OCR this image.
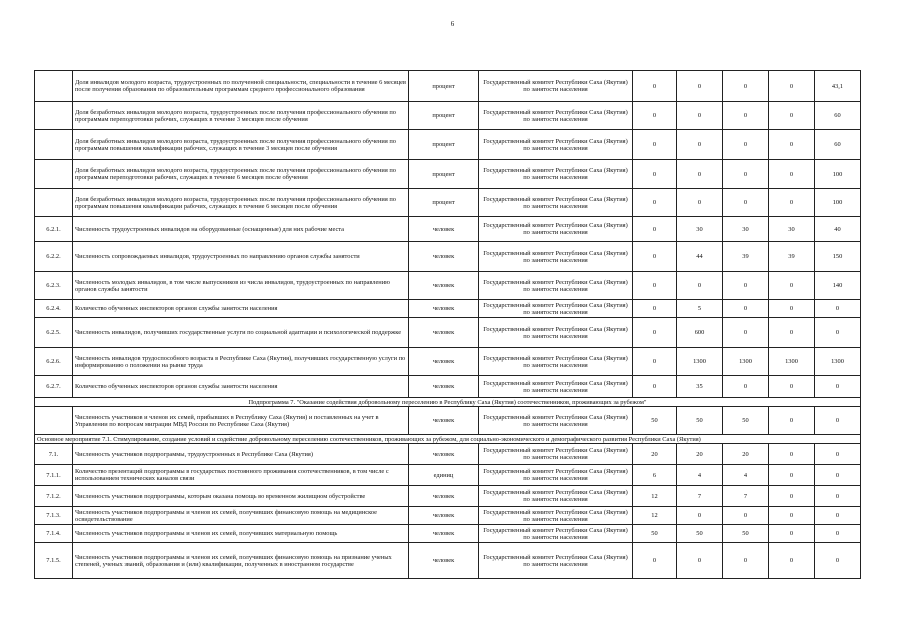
6
	Доля инвалидов молодого возраста, трудоустроенных по полученной специальности, специальности в течение 6 месяцев после получения образования по образовательным программам среднего профессионального образования	процент	Государственный комитет Республики Саха (Якутия) по занятости населения	0	0	0	0	43,1
	Доля безработных инвалидов молодого возраста, трудоустроенных после получения профессионального обучения по программам переподготовки рабочих, служащих в течение 3 месяцев после обучения	процент	Государственный комитет Республики Саха (Якутия) по занятости населения	0	0	0	0	60
	Доля безработных инвалидов молодого возраста, трудоустроенных после получения профессионального обучения по программам повышения квалификации рабочих, служащих в течение 3 месяцев после обучения	процент	Государственный комитет Республики Саха (Якутия) по занятости населения	0	0	0	0	60
	Доля безработных инвалидов молодого возраста, трудоустроенных после получения профессионального обучения по программам переподготовки рабочих, служащих в течение 6 месяцев после обучения	процент	Государственный комитет Республики Саха (Якутия) по занятости населения	0	0	0	0	100
	Доля безработных инвалидов молодого возраста, трудоустроенных после получения профессионального обучения по программам повышения квалификации рабочих, служащих в течение 6 месяцев после обучения	процент	Государственный комитет Республики Саха (Якутия) по занятости населения	0	0	0	0	100
6.2.1.	Численность трудоустроенных инвалидов на оборудованные (оснащенные) для них рабочие места	человек	Государственный комитет Республики Саха (Якутия) по занятости населения	0	30	30	30	40
6.2.2.	Численность сопровождаемых инвалидов, трудоустроенных по направлению органов службы занятости	человек	Государственный комитет Республики Саха (Якутия) по занятости населения	0	44	39	39	150
6.2.3.	Численность молодых инвалидов, в том числе выпускников из числа инвалидов, трудоустроенных по направлению органов службы занятости	человек	Государственный комитет Республики Саха (Якутия) по занятости населения	0	0	0	0	140
6.2.4.	Количество обученных инспекторов органов службы занятости населения	человек	Государственный комитет Республики Саха (Якутия) по занятости населения	0	5	0	0	0
6.2.5.	Численность инвалидов, получивших государственные услуги по социальной адаптации и психологической поддержке	человек	Государственный комитет Республики Саха (Якутия) по занятости населения	0	600	0	0	0
6.2.6.	Численность инвалидов трудоспособного возраста в Республике Саха (Якутия), получивших государственную услуги по информированию о положении на рынке труда	человек	Государственный комитет Республики Саха (Якутия) по занятости населения	0	1300	1300	1300	1300
6.2.7.	Количество обученных инспекторов органов службы занятости населения	человек	Государственный комитет Республики Саха (Якутия) по занятости населения	0	35	0	0	0
Подпрограмма 7. "Оказание содействия добровольному переселению в Республику Саха (Якутия) соотечественников, проживающих за рубежом"								
	Численность участников и членов их семей, прибывших в Республику Саха (Якутия) и поставленных на учет в Управлении по вопросам миграции МВД России по Республике Саха (Якутия)	человек	Государственный комитет Республики Саха (Якутия) по занятости населения	50	50	50	0	0
Основное мероприятие 7.1. Стимулирование, создание условий и содействие добровольному переселению соотечественников, проживающих за рубежом, для социально-экономического и демографического развития Республики Саха (Якутия)								
7.1.	Численность участников подпрограммы, трудоустроенных в Республике Саха (Якутия)	человек	Государственный комитет Республики Саха (Якутия) по занятости населения	20	20	20	0	0
7.1.1.	Количество презентаций подпрограммы в государствах постоянного проживания соотечественников, в том числе с использованием технических каналов связи	единиц	Государственный комитет Республики Саха (Якутия) по занятости населения	6	4	4	0	0
7.1.2.	Численность участников подпрограммы, которым оказана помощь во временном жилищном обустройстве	человек	Государственный комитет Республики Саха (Якутия) по занятости населения	12	7	7	0	0
7.1.3.	Численность участников подпрограммы и членов их семей, получивших финансовую помощь на медицинское освидетельствование	человек	Государственный комитет Республики Саха (Якутия) по занятости населения	12	0	0	0	0
7.1.4.	Численность участников подпрограммы и членов их семей, получивших материальную помощь	человек	Государственный комитет Республики Саха (Якутия) по занятости населения	50	50	50	0	0
7.1.5.	Численность участников подпрограммы и членов их семей, получивших финансовую помощь на признание ученых степеней, ученых званий, образования и (или) квалификации, полученных в иностранном государстве	человек	Государственный комитет Республики Саха (Якутия) по занятости населения	0	0	0	0	0
